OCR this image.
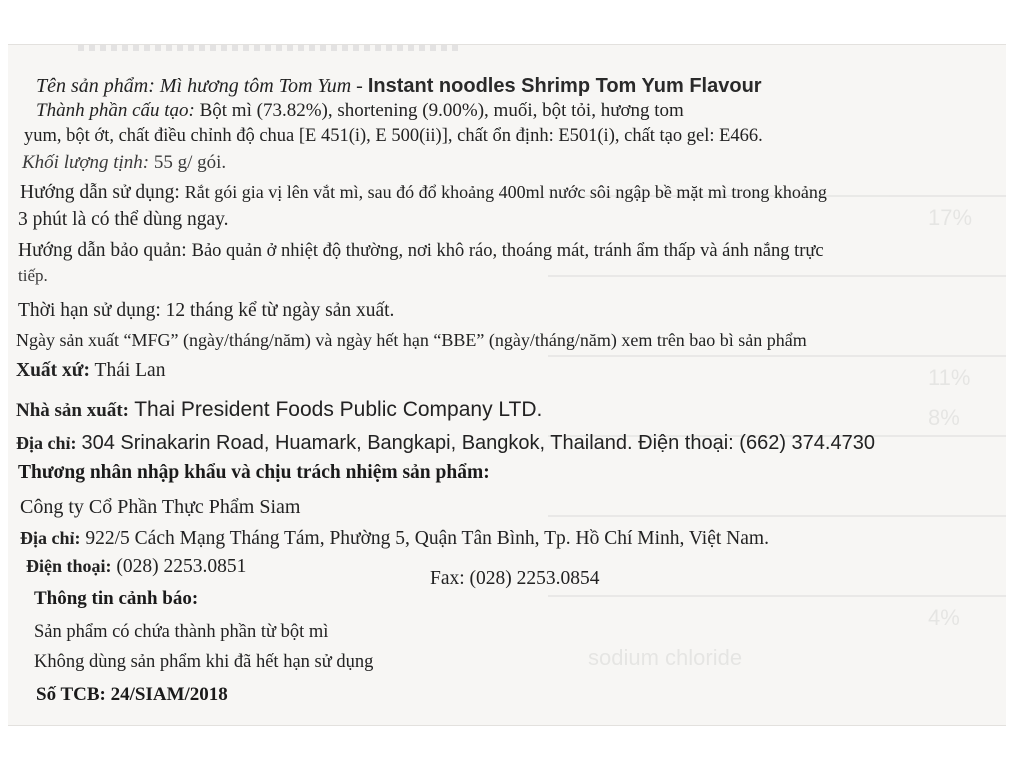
17%
11%
8%
4%
sodium chloride
Tên sản phẩm: Mì hương tôm Tom Yum - Instant noodles Shrimp Tom Yum Flavour
Thành phần cấu tạo: Bột mì (73.82%), shortening (9.00%), muối, bột tỏi, hương tom
yum, bột ớt, chất điều chỉnh độ chua [E 451(i), E 500(ii)], chất ổn định: E501(i), chất tạo gel: E466.
Khối lượng tịnh: 55 g/ gói.
Hướng dẫn sử dụng: Rắt gói gia vị lên vắt mì, sau đó đổ khoảng 400ml nước sôi ngập bề mặt mì trong khoảng
3 phút là có thể dùng ngay.
Hướng dẫn bảo quản: Bảo quản ở nhiệt độ thường, nơi khô ráo, thoáng mát, tránh ẩm thấp và ánh nắng trực
tiếp.
Thời hạn sử dụng: 12 tháng kể từ ngày sản xuất.
Ngày sản xuất “MFG” (ngày/tháng/năm) và ngày hết hạn “BBE” (ngày/tháng/năm) xem trên bao bì sản phẩm
Xuất xứ: Thái Lan
Nhà sản xuất: Thai President Foods Public Company LTD.
Địa chỉ: 304 Srinakarin Road, Huamark, Bangkapi, Bangkok, Thailand. Điện thoại: (662) 374.4730
Thương nhân nhập khẩu và chịu trách nhiệm sản phẩm:
Công ty Cổ Phần Thực Phẩm Siam
Địa chỉ: 922/5 Cách Mạng Tháng Tám, Phường 5, Quận Tân Bình, Tp. Hồ Chí Minh, Việt Nam.
Điện thoại: (028) 2253.0851
Fax: (028) 2253.0854
Thông tin cảnh báo:
Sản phẩm có chứa thành phần từ bột mì
Không dùng sản phẩm khi đã hết hạn sử dụng
Số TCB: 24/SIAM/2018
